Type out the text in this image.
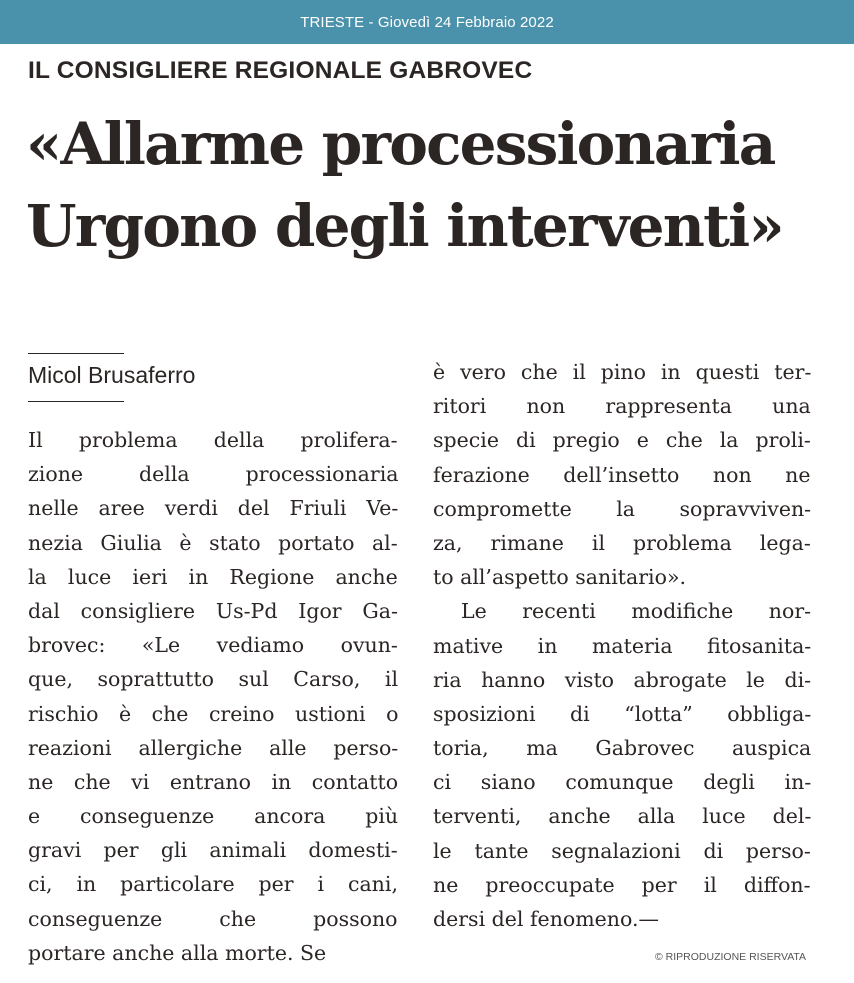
TRIESTE - Giovedì 24 Febbraio 2022
IL CONSIGLIERE REGIONALE GABROVEC
«Allarme processionaria
Urgono degli interventi»
Micol Brusaferro
Il problema della prolifera-
zione della processionaria
nelle aree verdi del Friuli Ve-
nezia Giulia è stato portato al-
la luce ieri in Regione anche
dal consigliere Us-Pd Igor Ga-
brovec: «Le vediamo ovun-
que, soprattutto sul Carso, il
rischio è che creino ustioni o
reazioni allergiche alle perso-
ne che vi entrano in contatto
e conseguenze ancora più
gravi per gli animali domesti-
ci, in particolare per i cani,
conseguenze che possono
portare anche alla morte. Se
è vero che il pino in questi ter-
ritori non rappresenta una
specie di pregio e che la proli-
ferazione dell’insetto non ne
compromette la sopravviven-
za, rimane il problema lega-
to all’aspetto sanitario».
Le recenti modifiche nor-
mative in materia fitosanita-
ria hanno visto abrogate le di-
sposizioni di “lotta” obbliga-
toria, ma Gabrovec auspica
ci siano comunque degli in-
terventi, anche alla luce del-
le tante segnalazioni di perso-
ne preoccupate per il diffon-
dersi del fenomeno.—
© RIPRODUZIONE RISERVATA
